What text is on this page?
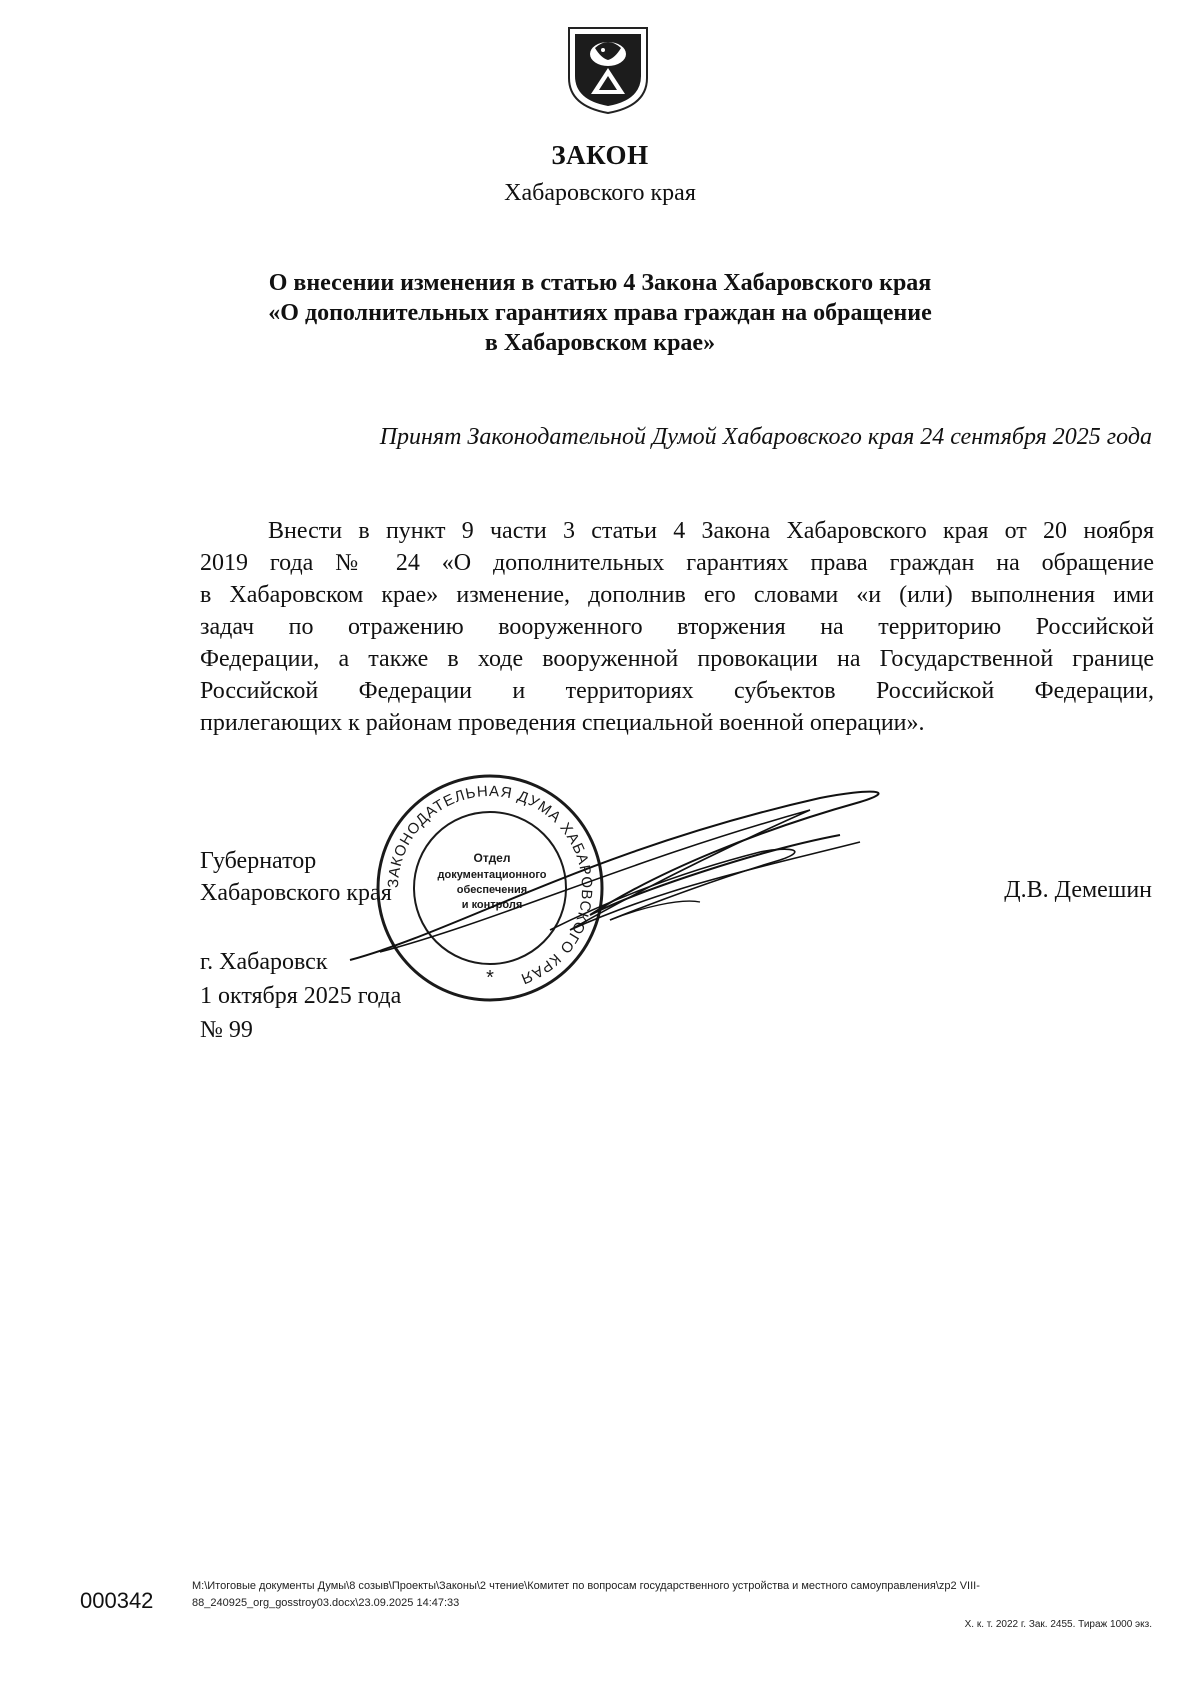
ЗАКОН
Хабаровского края
О внесении изменения в статью 4 Закона Хабаровского края
«О дополнительных гарантиях права граждан на обращение
в Хабаровском крае»
Принят Законодательной Думой Хабаровского края 24 сентября 2025 года
Внести в пункт 9 части 3 статьи 4 Закона Хабаровского края от 20 ноября
2019 года № 24 «О дополнительных гарантиях права граждан на обращение
в Хабаровском крае» изменение, дополнив его словами «и (или) выполнения ими
задач по отражению вооруженного вторжения на территорию Российской
Федерации, а также в ходе вооруженной провокации на Государственной границе
Российской Федерации и территориях субъектов Российской Федерации,
прилегающих к районам проведения специальной военной операции».
Губернатор
Хабаровского края	Д.В. Демешин
г. Хабаровск
1 октября 2025 года
№ 99
ЗАКОНОДАТЕЛЬНАЯ ДУМА ХАБАРОВСКОГО КРАЯ
Отдел
документационного
обеспечения
и контроля
*
000342
M:\Итоговые документы Думы\8 созыв\Проекты\Законы\2 чтение\Комитет по вопросам государственного устройства и местного самоуправления\zp2 VIII-
88_240925_org_gosstroy03.docx\23.09.2025 14:47:33
Х. к. т. 2022 г. Зак. 2455. Тираж 1000 экз.
